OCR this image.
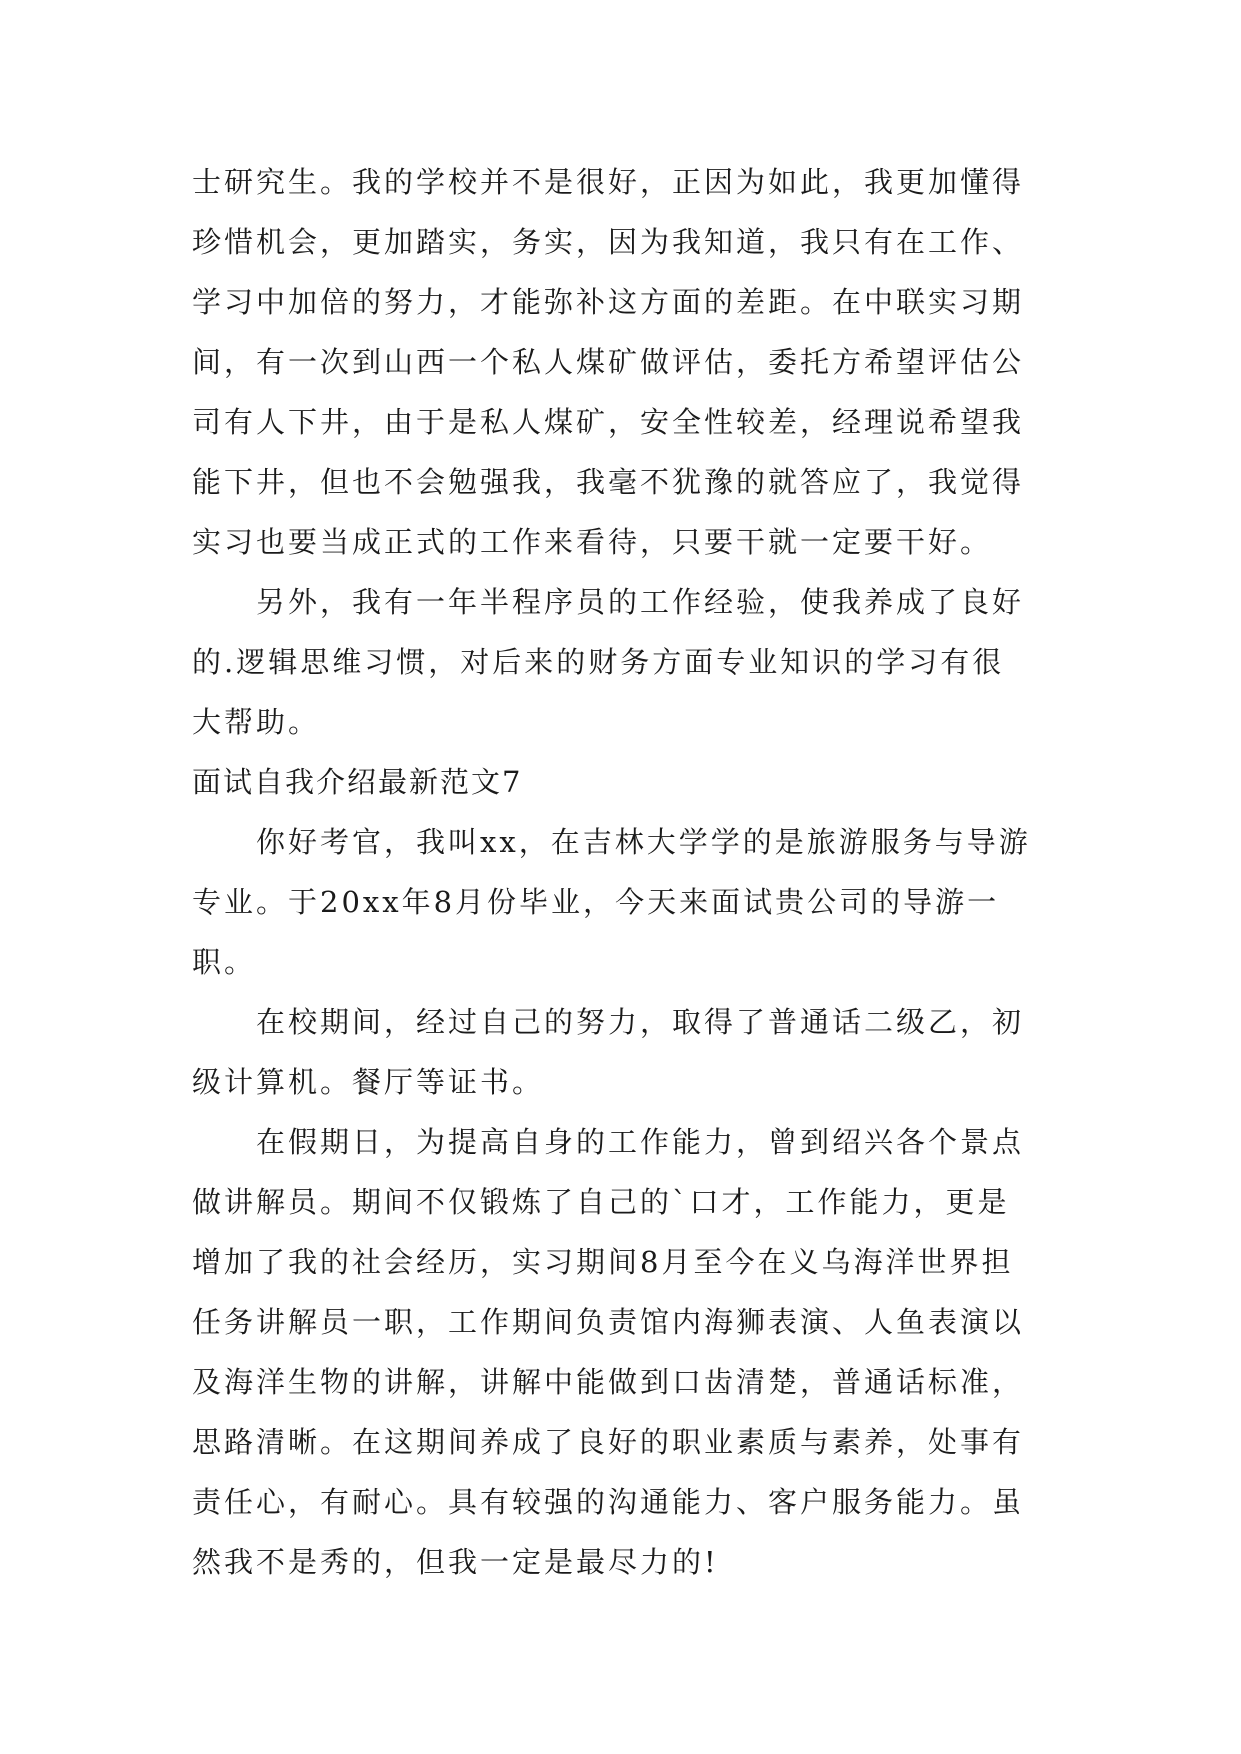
士研究生。我的学校并不是很好，正因为如此，我更加懂得
珍惜机会，更加踏实，务实，因为我知道，我只有在工作、
学习中加倍的努力，才能弥补这方面的差距。在中联实习期
间，有一次到山西一个私人煤矿做评估，委托方希望评估公
司有人下井，由于是私人煤矿，安全性较差，经理说希望我
能下井，但也不会勉强我，我毫不犹豫的就答应了，我觉得
实习也要当成正式的工作来看待，只要干就一定要干好。
另外，我有一年半程序员的工作经验，使我养成了良好
的.逻辑思维习惯，对后来的财务方面专业知识的学习有很
大帮助。
面试自我介绍最新范文7
你好考官，我叫xx，在吉林大学学的是旅游服务与导游
专业。于20xx年8月份毕业，今天来面试贵公司的导游一
职。
在校期间，经过自己的努力，取得了普通话二级乙，初
级计算机。餐厅等证书。
在假期日，为提高自身的工作能力，曾到绍兴各个景点
做讲解员。期间不仅锻炼了自己的`口才，工作能力，更是
增加了我的社会经历，实习期间8月至今在义乌海洋世界担
任务讲解员一职，工作期间负责馆内海狮表演、人鱼表演以
及海洋生物的讲解，讲解中能做到口齿清楚，普通话标准，
思路清晰。在这期间养成了良好的职业素质与素养，处事有
责任心，有耐心。具有较强的沟通能力、客户服务能力。虽
然我不是秀的，但我一定是最尽力的!
